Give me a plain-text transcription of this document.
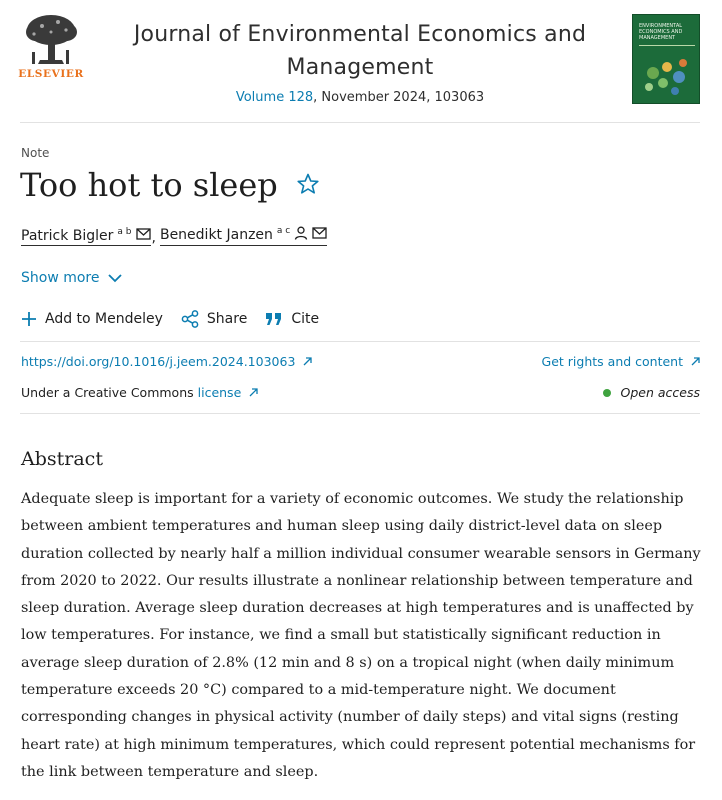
ELSEVIER
Journal of Environmental Economics and Management
Volume 128, November 2024, 103063
ENVIRONMENTAL ECONOMICS AND MANAGEMENT
Note
Too hot to sleep
Patrick Bigler a b , Benedikt Janzen a c
Show more
Add to Mendeley	Share	Cite
https://doi.org/10.1016/j.jeem.2024.103063	Get rights and content
Under a Creative Commons license	Open access
Abstract
Adequate sleep is important for a variety of economic outcomes. We study the relationship between ambient temperatures and human sleep using daily district-level data on sleep duration collected by nearly half a million individual consumer wearable sensors in Germany from 2020 to 2022. Our results illustrate a nonlinear relationship between temperature and sleep duration. Average sleep duration decreases at high temperatures and is unaffected by low temperatures. For instance, we find a small but statistically significant reduction in average sleep duration of 2.8% (12 min and 8 s) on a tropical night (when daily minimum temperature exceeds 20 °C) compared to a mid-temperature night. We document corresponding changes in physical activity (number of daily steps) and vital signs (resting heart rate) at high minimum temperatures, which could represent potential mechanisms for the link between temperature and sleep.
